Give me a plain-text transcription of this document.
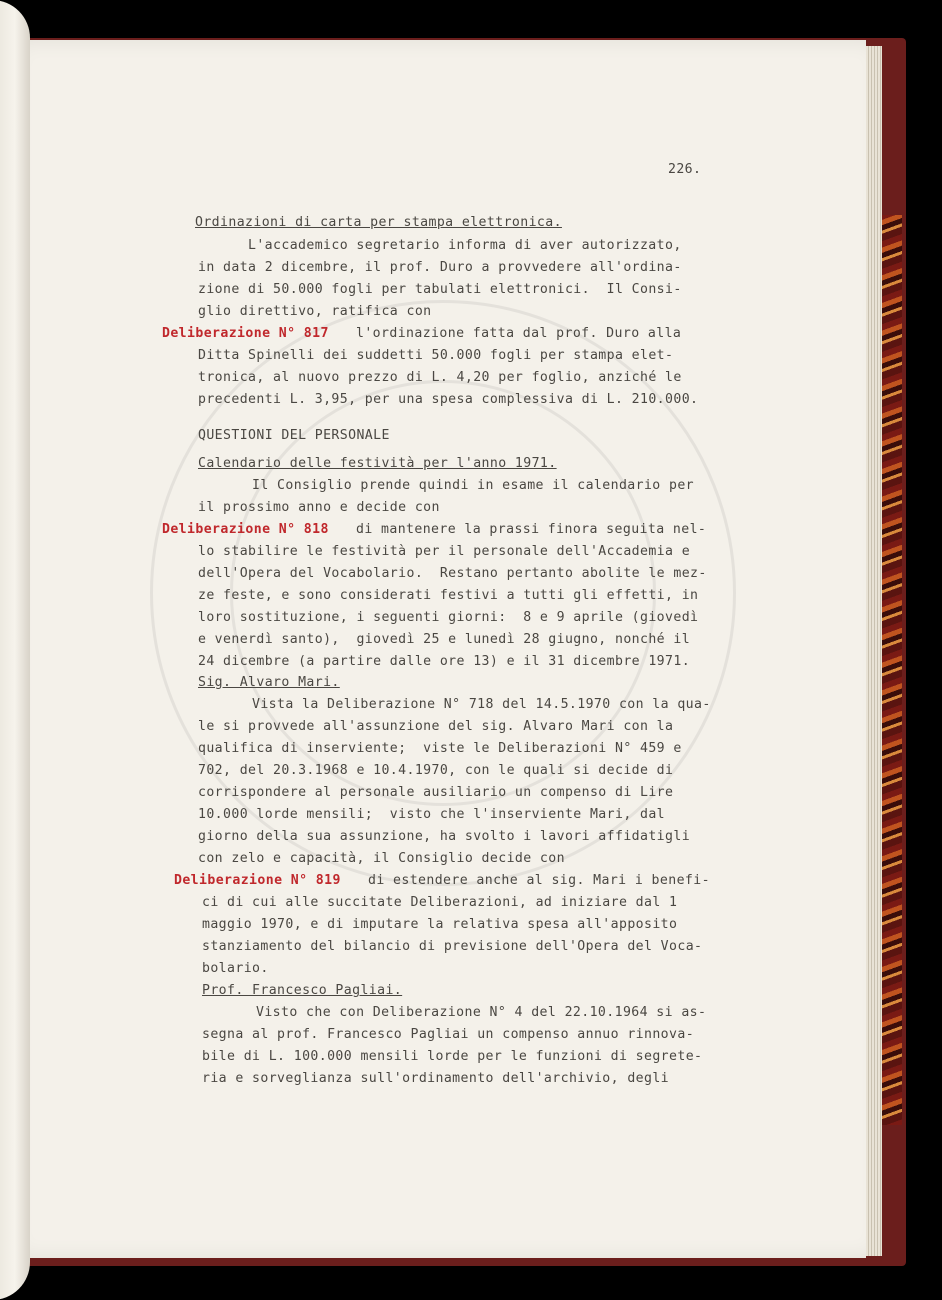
226.
Ordinazioni di carta per stampa elettronica.
L'accademico segretario informa di aver autorizzato,
in data 2 dicembre, il prof. Duro a provvedere all'ordina-
zione di 50.000 fogli per tabulati elettronici.  Il Consi-
glio direttivo, ratifica con
Deliberazione N° 817 l'ordinazione fatta dal prof. Duro alla
Ditta Spinelli dei suddetti 50.000 fogli per stampa elet-
tronica, al nuovo prezzo di L. 4,20 per foglio, anziché le
precedenti L. 3,95, per una spesa complessiva di L. 210.000.
QUESTIONI DEL PERSONALE
Calendario delle festività per l'anno 1971.
Il Consiglio prende quindi in esame il calendario per
il prossimo anno e decide con
Deliberazione N° 818 di mantenere la prassi finora seguita nel-
lo stabilire le festività per il personale dell'Accademia e
dell'Opera del Vocabolario.  Restano pertanto abolite le mez-
ze feste, e sono considerati festivi a tutti gli effetti, in
loro sostituzione, i seguenti giorni:  8 e 9 aprile (giovedì
e venerdì santo),  giovedì 25 e lunedì 28 giugno, nonché il
24 dicembre (a partire dalle ore 13) e il 31 dicembre 1971.
Sig. Alvaro Mari.
Vista la Deliberazione N° 718 del 14.5.1970 con la qua-
le si provvede all'assunzione del sig. Alvaro Mari con la
qualifica di inserviente;  viste le Deliberazioni N° 459 e
702, del 20.3.1968 e 10.4.1970, con le quali si decide di
corrispondere al personale ausiliario un compenso di Lire
10.000 lorde mensili;  visto che l'inserviente Mari, dal
giorno della sua assunzione, ha svolto i lavori affidatigli
con zelo e capacità, il Consiglio decide con
Deliberazione N° 819 di estendere anche al sig. Mari i benefi-
ci di cui alle succitate Deliberazioni, ad iniziare dal 1
maggio 1970, e di imputare la relativa spesa all'apposito
stanziamento del bilancio di previsione dell'Opera del Voca-
bolario.
Prof. Francesco Pagliai.
Visto che con Deliberazione N° 4 del 22.10.1964 si as-
segna al prof. Francesco Pagliai un compenso annuo rinnova-
bile di L. 100.000 mensili lorde per le funzioni di segrete-
ria e sorveglianza sull'ordinamento dell'archivio, degli
